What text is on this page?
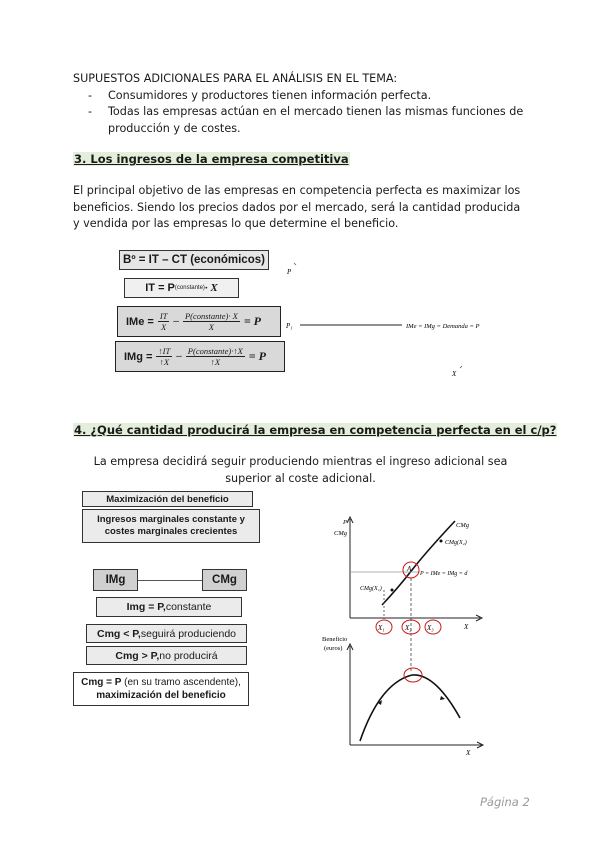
SUPUESTOS ADICIONALES PARA EL ANÁLISIS EN EL TEMA:
-	Consumidores y productores tienen información perfecta.
-	Todas las empresas actúan en el mercado tienen las mismas funciones de producción y de costes.
3. Los ingresos de la empresa competitiva
El principal objetivo de las empresas en competencia perfecta es maximizar los beneficios. Siendo los precios dados por el mercado, será la cantidad producida y vendida por las empresas lo que determine el beneficio.
Bº = IT – CT (económicos)
IT = P (constante) · X
IMe = $\frac{IT}{X} - \frac{\text{P(constante)· X}}{X} = P$
IMg = $\frac{↑IT}{↑X} - \frac{\text{P(constante)·↑X}}{↑X} = P$
P
P₁	IMe = IMg = Demanda = P
X
4. ¿Qué cantidad producirá la empresa en competencia perfecta en el c/p?
La empresa decidirá seguir produciendo mientras el ingreso adicional sea superior al coste adicional.
Maximización del beneficio
Ingresos marginales constante y costes marginales crecientes
IMg	CMg
Img = P, constante
Cmg < P, seguirá produciendo
Cmg > P, no producirá
Cmg = P (en su tramo ascendente),
maximización del beneficio
P
CMg
CMg
CMg(X₂)
P = IMe = IMg = d
CMg(X₁)
A
X₁	X₂ X₃	X
Beneficio
(euros)
X
Página 2
